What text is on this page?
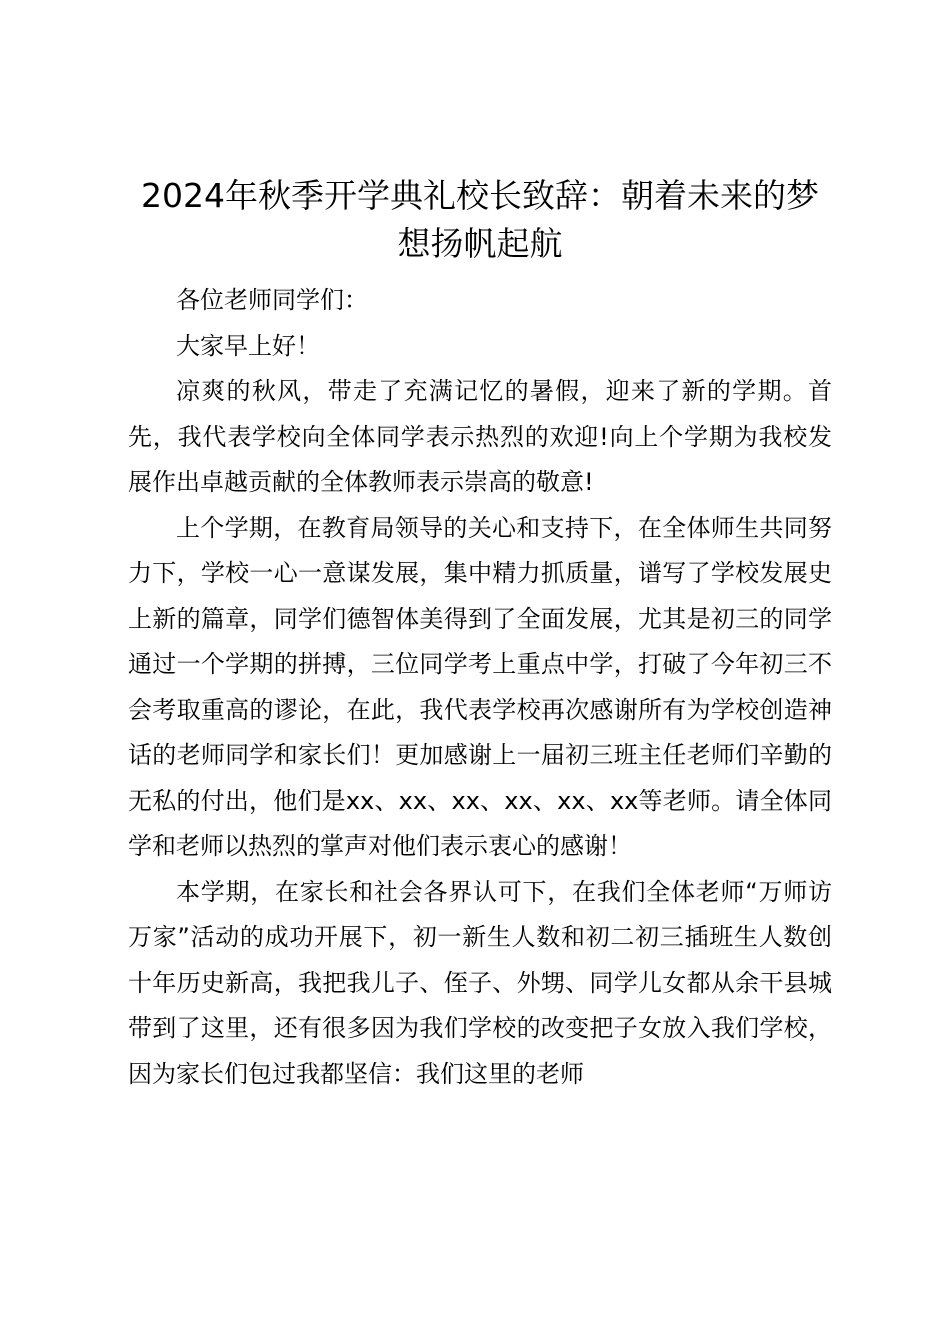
2024年秋季开学典礼校长致辞：朝着未来的梦想扬帆起航

各位老师同学们：

大家早上好！

凉爽的秋风，带走了充满记忆的暑假，迎来了新的学期。首先，我代表学校向全体同学表示热烈的欢迎!向上个学期为我校发展作出卓越贡献的全体教师表示崇高的敬意!

上个学期，在教育局领导的关心和支持下，在全体师生共同努力下，学校一心一意谋发展，集中精力抓质量，谱写了学校发展史上新的篇章，同学们德智体美得到了全面发展，尤其是初三的同学通过一个学期的拼搏，三位同学考上重点中学，打破了今年初三不会考取重高的谬论，在此，我代表学校再次感谢所有为学校创造神话的老师同学和家长们！更加感谢上一届初三班主任老师们辛勤的无私的付出，他们是xx、xx、xx、xx、xx、xx等老师。请全体同学和老师以热烈的掌声对他们表示衷心的感谢！

本学期，在家长和社会各界认可下，在我们全体老师“万师访万家”活动的成功开展下，初一新生人数和初二初三插班生人数创十年历史新高，我把我儿子、侄子、外甥、同学儿女都从余干县城带到了这里，还有很多因为我们学校的改变把子女放入我们学校，因为家长们包过我都坚信：我们这里的老师
